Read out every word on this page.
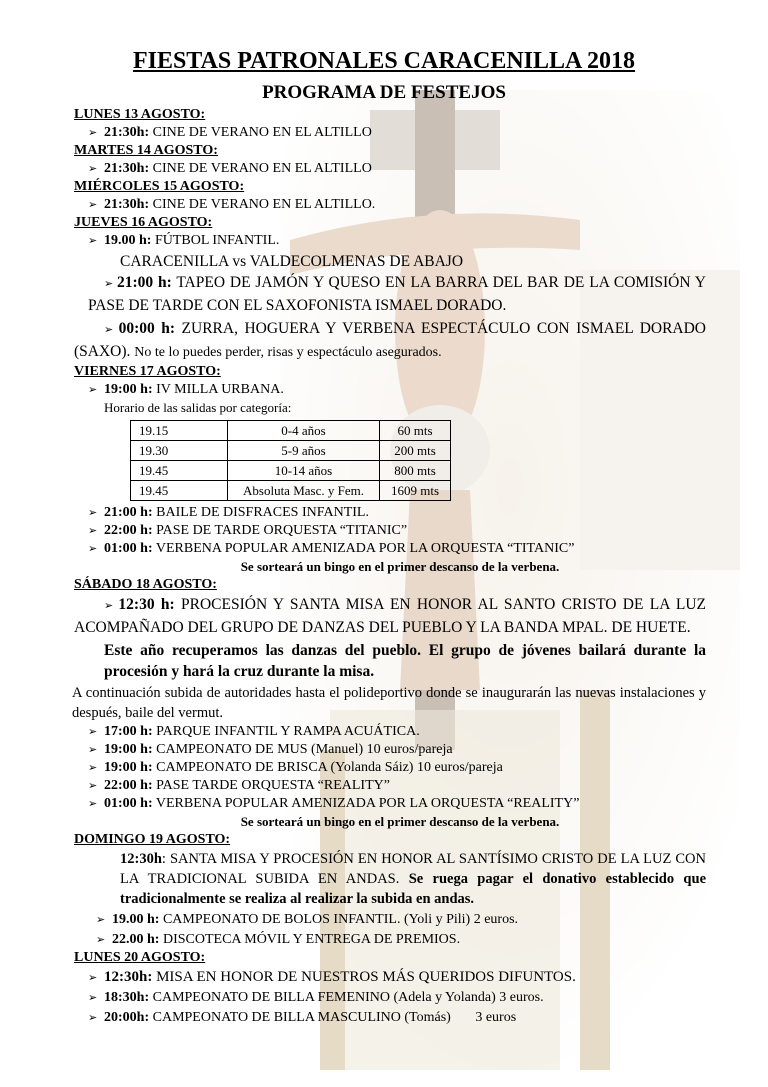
FIESTAS PATRONALES CARACENILLA 2018
PROGRAMA DE FESTEJOS
LUNES 13 AGOSTO:
➢ 21:30h: CINE DE VERANO EN EL ALTILLO
MARTES 14 AGOSTO:
➢ 21:30h: CINE DE VERANO EN EL ALTILLO
MIÉRCOLES 15 AGOSTO:
➢ 21:30h: CINE DE VERANO EN EL ALTILLO.
JUEVES 16 AGOSTO:
➢ 19.00 h: FÚTBOL INFANTIL.
CARACENILLA vs VALDECOLMENAS DE ABAJO
➢ 21:00 h: TAPEO DE JAMÓN Y QUESO EN LA BARRA DEL BAR DE LA COMISIÓN Y PASE DE TARDE CON EL SAXOFONISTA ISMAEL DORADO.
➢ 00:00 h: ZURRA, HOGUERA Y VERBENA ESPECTÁCULO CON ISMAEL DORADO (SAXO). No te lo puedes perder, risas y espectáculo asegurados.
VIERNES 17 AGOSTO:
➢ 19:00 h: IV MILLA URBANA.
Horario de las salidas por categoría:
19.15	0-4 años	60 mts
19.30	5-9 años	200 mts
19.45	10-14 años	800 mts
19.45	Absoluta Masc. y Fem.	1609 mts
➢ 21:00 h: BAILE DE DISFRACES INFANTIL.
➢ 22:00 h: PASE DE TARDE ORQUESTA “TITANIC”
➢ 01:00 h: VERBENA POPULAR AMENIZADA POR LA ORQUESTA “TITANIC”
Se sorteará un bingo en el primer descanso de la verbena.
SÁBADO 18 AGOSTO:
➢ 12:30 h: PROCESIÓN Y SANTA MISA EN HONOR AL SANTO CRISTO DE LA LUZ ACOMPAÑADO DEL GRUPO DE DANZAS DEL PUEBLO Y LA BANDA MPAL. DE HUETE.
Este año recuperamos las danzas del pueblo. El grupo de jóvenes bailará durante la procesión y hará la cruz durante la misa.
A continuación subida de autoridades hasta el polideportivo donde se inaugurarán las nuevas instalaciones y después, baile del vermut.
➢ 17:00 h: PARQUE INFANTIL Y RAMPA ACUÁTICA.
➢ 19:00 h: CAMPEONATO DE MUS (Manuel) 10 euros/pareja
➢ 19:00 h: CAMPEONATO DE BRISCA (Yolanda Sáiz) 10 euros/pareja
➢ 22:00 h: PASE TARDE ORQUESTA “REALITY”
➢ 01:00 h: VERBENA POPULAR AMENIZADA POR LA ORQUESTA “REALITY”
Se sorteará un bingo en el primer descanso de la verbena.
DOMINGO 19 AGOSTO:
12:30h: SANTA MISA Y PROCESIÓN EN HONOR AL SANTÍSIMO CRISTO DE LA LUZ CON LA TRADICIONAL SUBIDA EN ANDAS. Se ruega pagar el donativo establecido que tradicionalmente se realiza al realizar la subida en andas.
➢ 19.00 h: CAMPEONATO DE BOLOS INFANTIL. (Yoli y Pili) 2 euros.
➢ 22.00 h: DISCOTECA MÓVIL Y ENTREGA DE PREMIOS.
LUNES 20 AGOSTO:
➢ 12:30h: MISA EN HONOR DE NUESTROS MÁS QUERIDOS DIFUNTOS.
➢ 18:30h: CAMPEONATO DE BILLA FEMENINO (Adela y Yolanda) 3 euros.
➢ 20:00h: CAMPEONATO DE BILLA MASCULINO (Tomás)       3 euros
